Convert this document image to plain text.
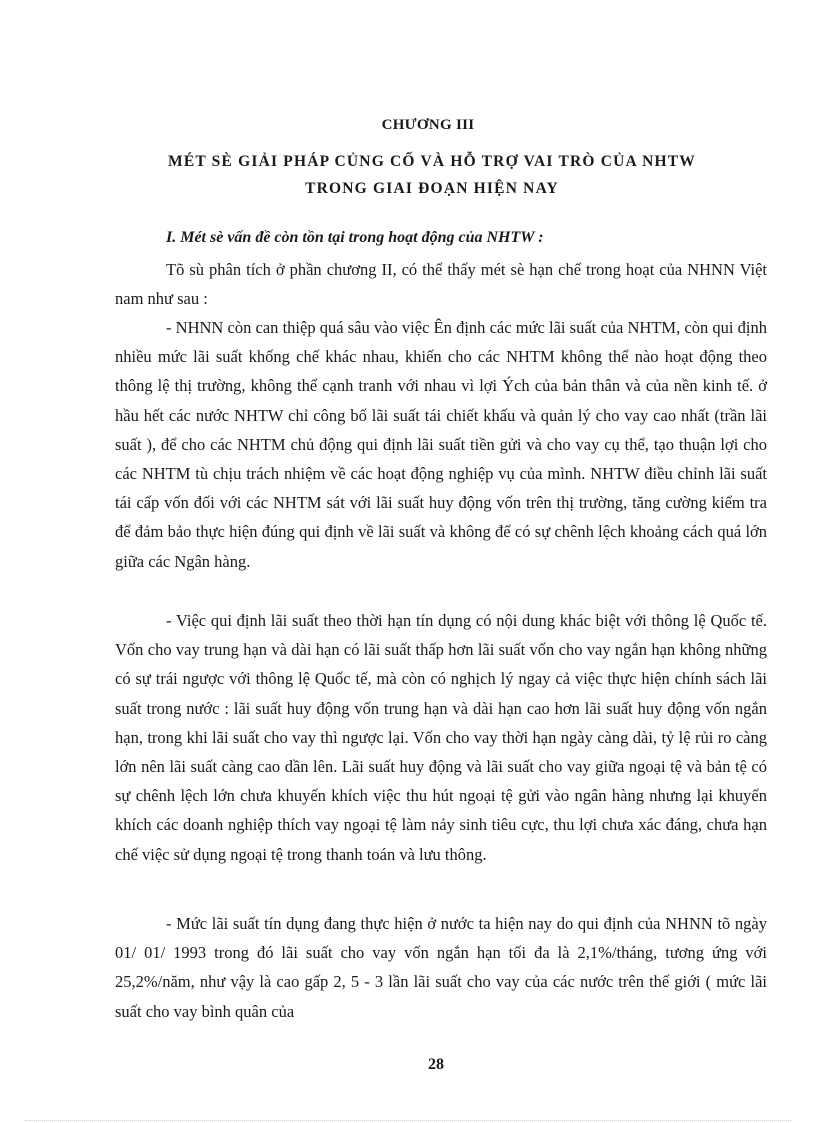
CHƯƠNG III
MÉT SÈ GIẢI PHÁP CỦNG CỐ VÀ HỖ TRỢ VAI TRÒ CỦA NHTW
TRONG GIAI ĐOẠN HIỆN NAY
I. Mét sè vấn đề còn tồn tại trong hoạt động của NHTW :

Tõ sù phân tích ở phần chương II, có thể thấy mét sè hạn chế trong hoạt của NHNN Việt nam như sau :

- NHNN còn can thiệp quá sâu vào việc Ên định các mức lãi suất của NHTM, còn qui định nhiều mức lãi suất khống chế khác nhau, khiến cho các NHTM không thể nào hoạt động theo thông lệ thị trường, không thể cạnh tranh với nhau vì lợi Ých của bản thân và của nền kinh tế. ở hầu hết các nước NHTW chỉ công bố lãi suất tái chiết khấu và quản lý cho vay cao nhất (trần lãi suất ), để cho các NHTM chủ động qui định lãi suất tiền gửi và cho vay cụ thể, tạo thuận lợi cho các NHTM tù chịu trách nhiệm về các hoạt động nghiệp vụ của mình. NHTW điều chỉnh lãi suất tái cấp vốn đối với các NHTM sát với lãi suất huy động vốn trên thị trường, tăng cường kiểm tra để đảm bảo thực hiện đúng qui định về lãi suất và không để có sự chênh lệch khoảng cách quá lớn giữa các Ngân hàng.

- Việc qui định lãi suất theo thời hạn tín dụng có nội dung khác biệt với thông lệ Quốc tế. Vốn cho vay trung hạn và dài hạn có lãi suất thấp hơn lãi suất vốn cho vay ngắn hạn không những có sự trái ngược với thông lệ Quốc tế, mà còn có nghịch lý ngay cả việc thực hiện chính sách lãi suất trong nước : lãi suất huy động vốn trung hạn và dài hạn cao hơn lãi suất huy động vốn ngắn hạn, trong khi lãi suất cho vay thì ngược lại. Vốn cho vay thời hạn ngày càng dài, tỷ lệ rủi ro càng lớn nên lãi suất càng cao dần lên. Lãi suất huy động và lãi suất cho vay giữa ngoại tệ và bản tệ có sự chênh lệch lớn chưa khuyến khích việc thu hút ngoại tệ gửi vào ngân hàng nhưng lại khuyến khích các doanh nghiệp thích vay ngoại tệ làm nảy sinh tiêu cực, thu lợi chưa xác đáng, chưa hạn chế việc sử dụng ngoại tệ trong thanh toán và lưu thông.

- Mức lãi suất tín dụng đang thực hiện ở nước ta hiện nay do qui định của NHNN tõ ngày 01/ 01/ 1993 trong đó lãi suất cho vay vốn ngắn hạn tối đa là 2,1%/tháng, tương ứng với 25,2%/năm, như vậy là cao gấp 2, 5 - 3 lần lãi suất cho vay của các nước trên thế giới ( mức lãi suất cho vay bình quân của

28
